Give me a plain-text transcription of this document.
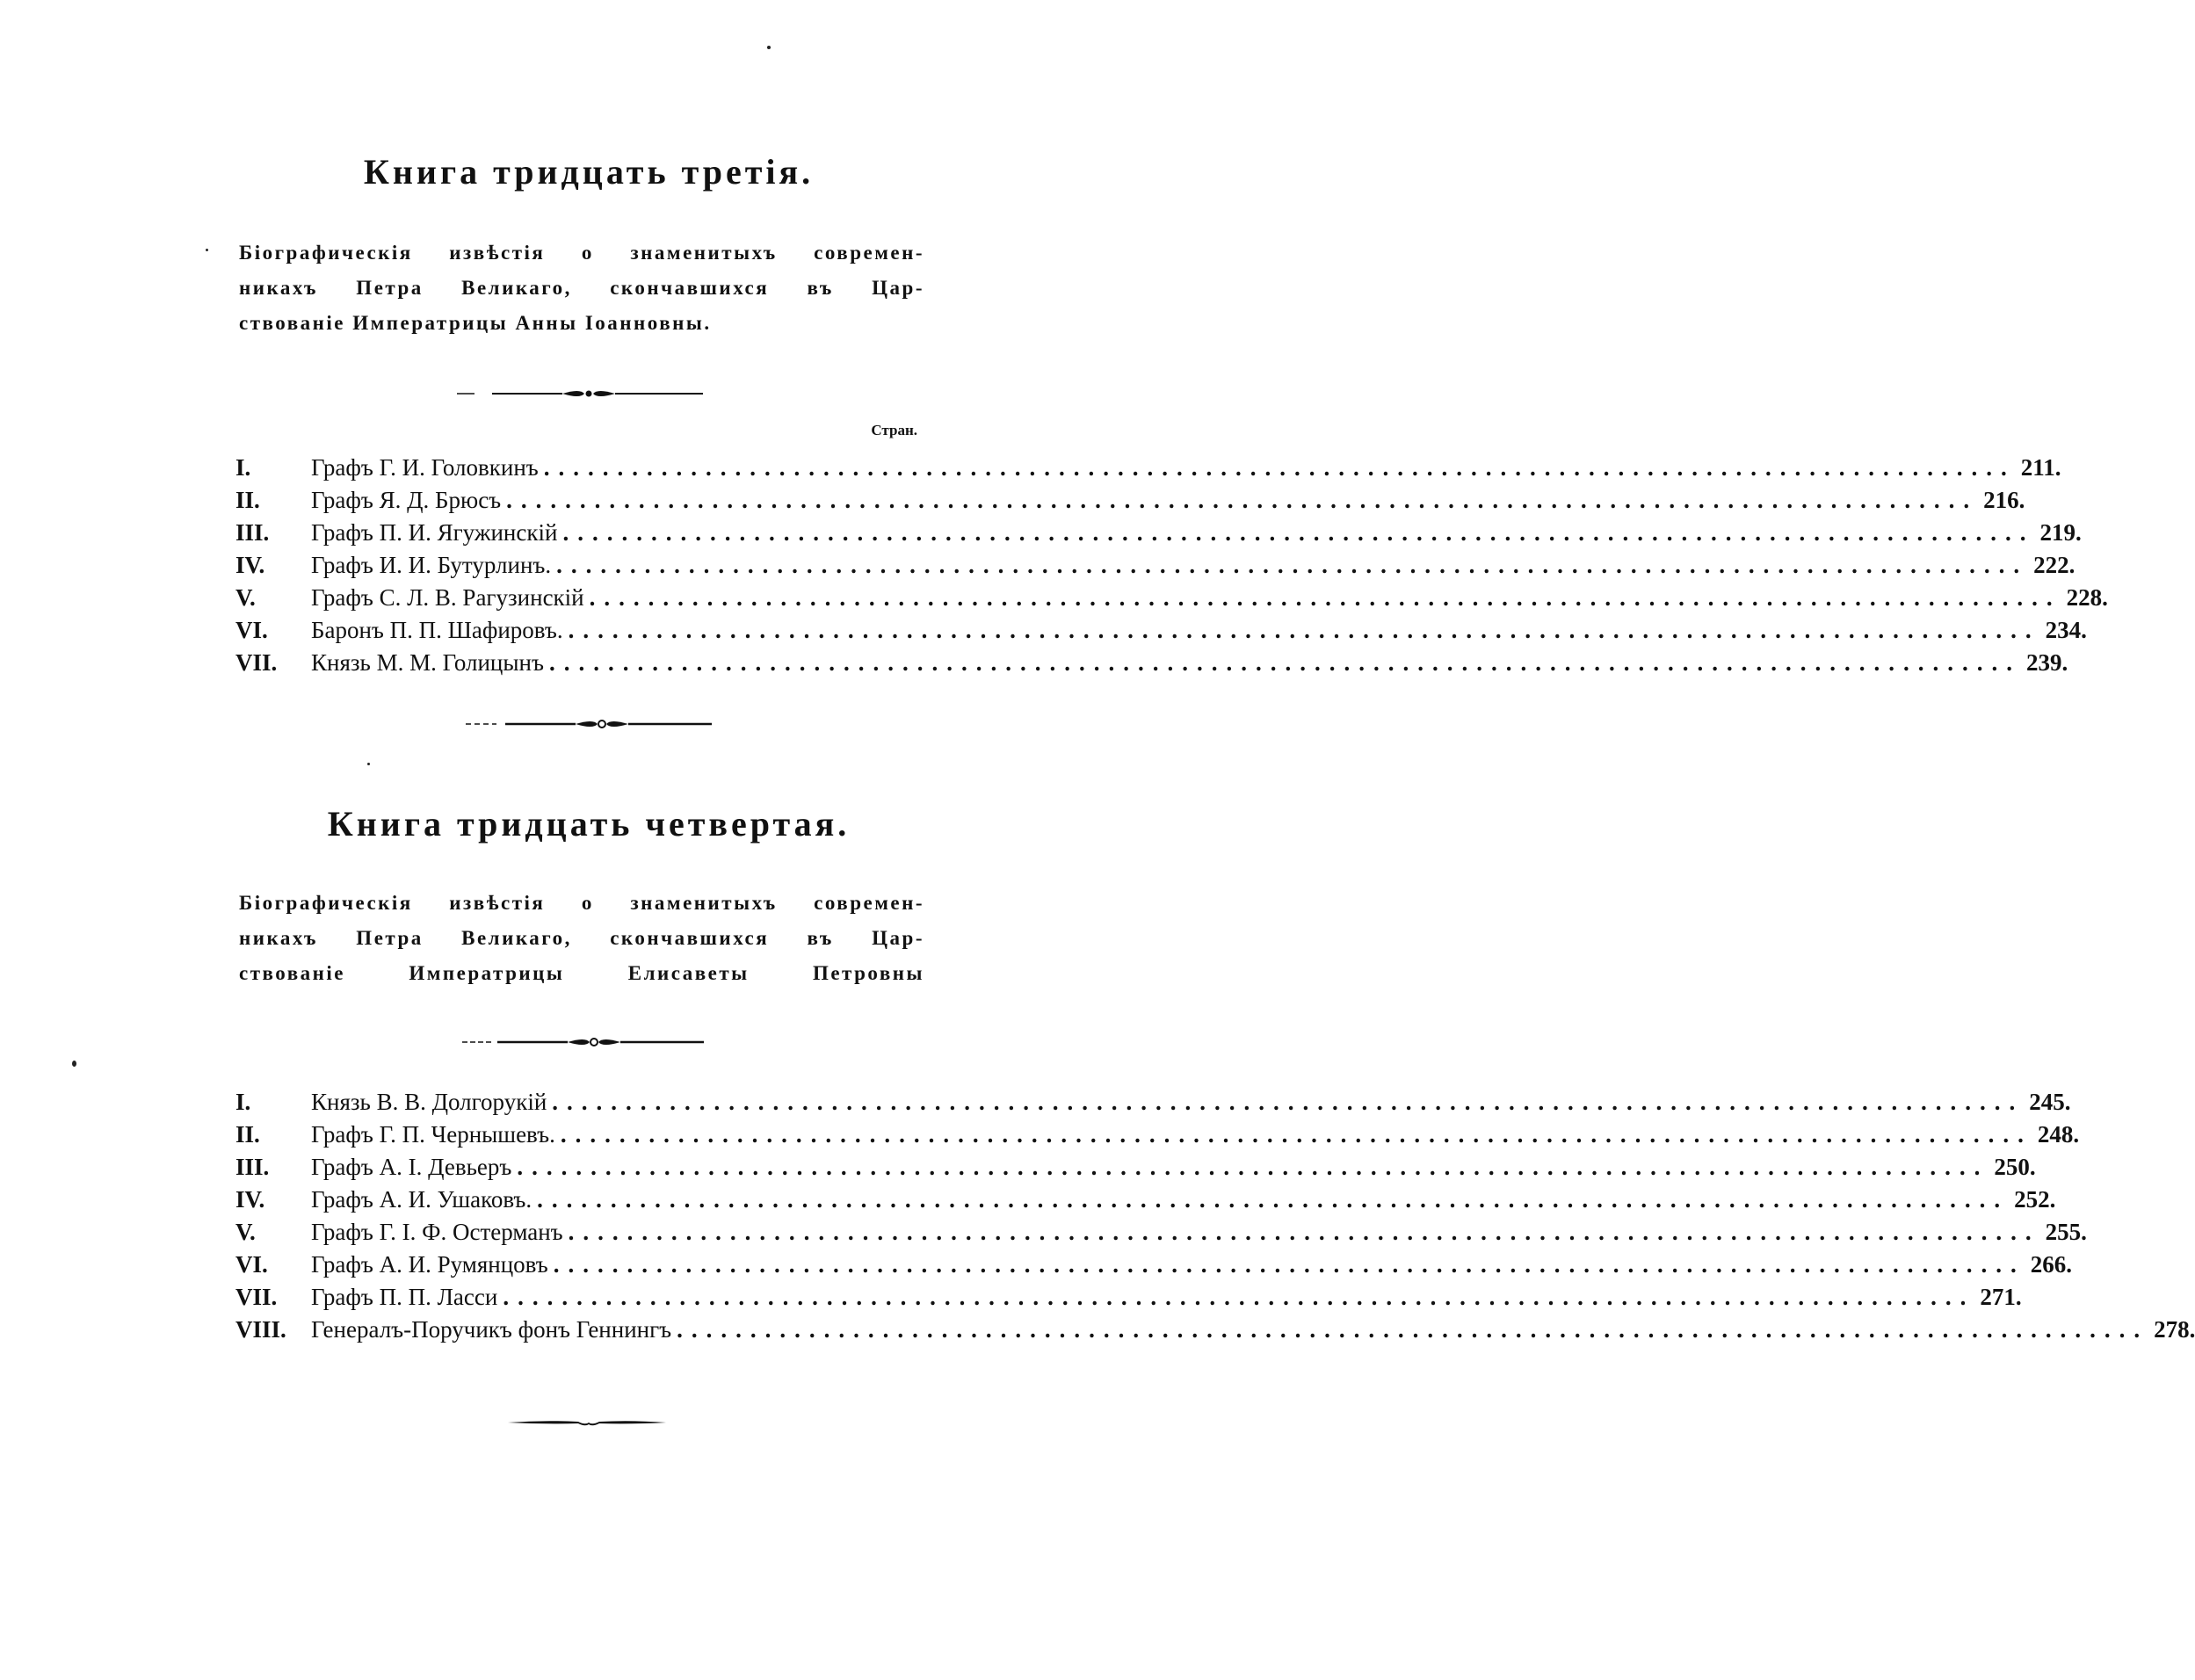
Книга тридцать третія.
Біографическія извѣстія о знаменитыхъ современ-
никахъ Петра Великаго, скончавшихся въ Цар-
ствованіе Императрицы Анны Іоанновны.
Стран.
I.	Графъ Г. И. Головкинъ .................................................................................................... 211.
II.	Графъ Я. Д. Брюсъ .................................................................................................... 216.
III.	Графъ П. И. Ягужинскій .................................................................................................... 219.
IV.	Графъ И. И. Бутурлинъ. .................................................................................................... 222.
V.	Графъ С. Л. В. Рагузинскій .................................................................................................... 228.
VI.	Баронъ П. П. Шафировъ. .................................................................................................... 234.
VII.	Князь М. М. Голицынъ .................................................................................................... 239.
Книга тридцать четвертая.
Біографическія извѣстія о знаменитыхъ современ-
никахъ Петра Великаго, скончавшихся въ Цар-
ствованіе Императрицы Елисаветы Петровны
I.	Князь В. В. Долгорукій .................................................................................................... 245.
II.	Графъ Г. П. Чернышевъ. .................................................................................................... 248.
III.	Графъ А. І. Девьеръ .................................................................................................... 250.
IV.	Графъ А. И. Ушаковъ. .................................................................................................... 252.
V.	Графъ Г. І. Ф. Остерманъ .................................................................................................... 255.
VI.	Графъ А. И. Румянцовъ .................................................................................................... 266.
VII.	Графъ П. П. Ласси .................................................................................................... 271.
VIII.	Генералъ-Поручикъ фонъ Геннингъ .................................................................................................... 278.
